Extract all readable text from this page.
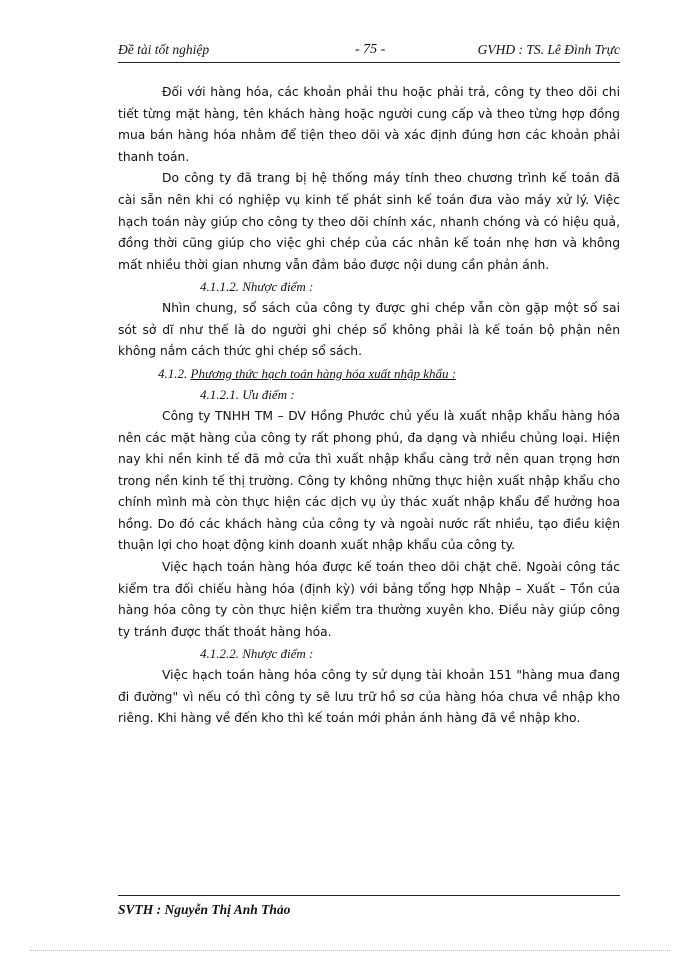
Đề tài tốt nghiệp	- 75 -	GVHD : TS. Lê Đình Trực

Đối với hàng hóa, các khoản phải thu hoặc phải trả, công ty theo dõi chi tiết từng mặt hàng, tên khách hàng hoặc người cung cấp và theo từng hợp đồng mua bán hàng hóa nhằm để tiện theo dõi và xác định đúng hơn các khoản phải thanh toán.

Do công ty đã trang bị hệ thống máy tính theo chương trình kế toán đã cài sẵn nên khi có nghiệp vụ kinh tế phát sinh kế toán đưa vào máy xử lý. Việc hạch toán này giúp cho công ty theo dõi chính xác, nhanh chóng và có hiệu quả, đồng thời cũng giúp cho việc ghi chép của các nhân kế toán nhẹ hơn và không mất nhiều thời gian nhưng vẫn đảm bảo được nội dung cần phản ánh.

4.1.1.2. Nhược điểm :

Nhìn chung, sổ sách của công ty được ghi chép vẫn còn gặp một số sai sót sở dĩ như thế là do người ghi chép sổ không phải là kế toán bộ phận nên không nắm cách thức ghi chép sổ sách.

4.1.2. Phương thức hạch toán hàng hóa xuất nhập khẩu :

4.1.2.1. Ưu điểm :

Công ty TNHH TM – DV Hồng Phước chủ yếu là xuất nhập khẩu hàng hóa nên các mặt hàng của công ty rất phong phú, đa dạng và nhiều chủng loại. Hiện nay khi nền kinh tế đã mở cửa thì xuất nhập khẩu càng trở nên quan trọng hơn trong nền kinh tế thị trường. Công ty không những thực hiện xuất nhập khẩu cho chính mình mà còn thực hiện các dịch vụ ủy thác xuất nhập khẩu để hưởng hoa hồng. Do đó các khách hàng của công ty và ngoài nước rất nhiều, tạo điều kiện thuận lợi cho hoạt động kinh doanh xuất nhập khẩu của công ty.

Việc hạch toán hàng hóa được kế toán theo dõi chặt chẽ. Ngoài công tác kiểm tra đối chiếu hàng hóa (định kỳ) với bảng tổng hợp Nhập – Xuất – Tồn của hàng hóa công ty còn thực hiện kiểm tra thường xuyên kho. Điều này giúp công ty tránh được thất thoát hàng hóa.

4.1.2.2. Nhược điểm :

Việc hạch toán hàng hóa công ty sử dụng tài khoản 151 "hàng mua đang đi đường" vì nếu có thì công ty sẽ lưu trữ hồ sơ của hàng hóa chưa về nhập kho riêng. Khi hàng về đến kho thì kế toán mới phản ánh hàng đã về nhập kho.

SVTH : Nguyễn Thị Anh Thảo
